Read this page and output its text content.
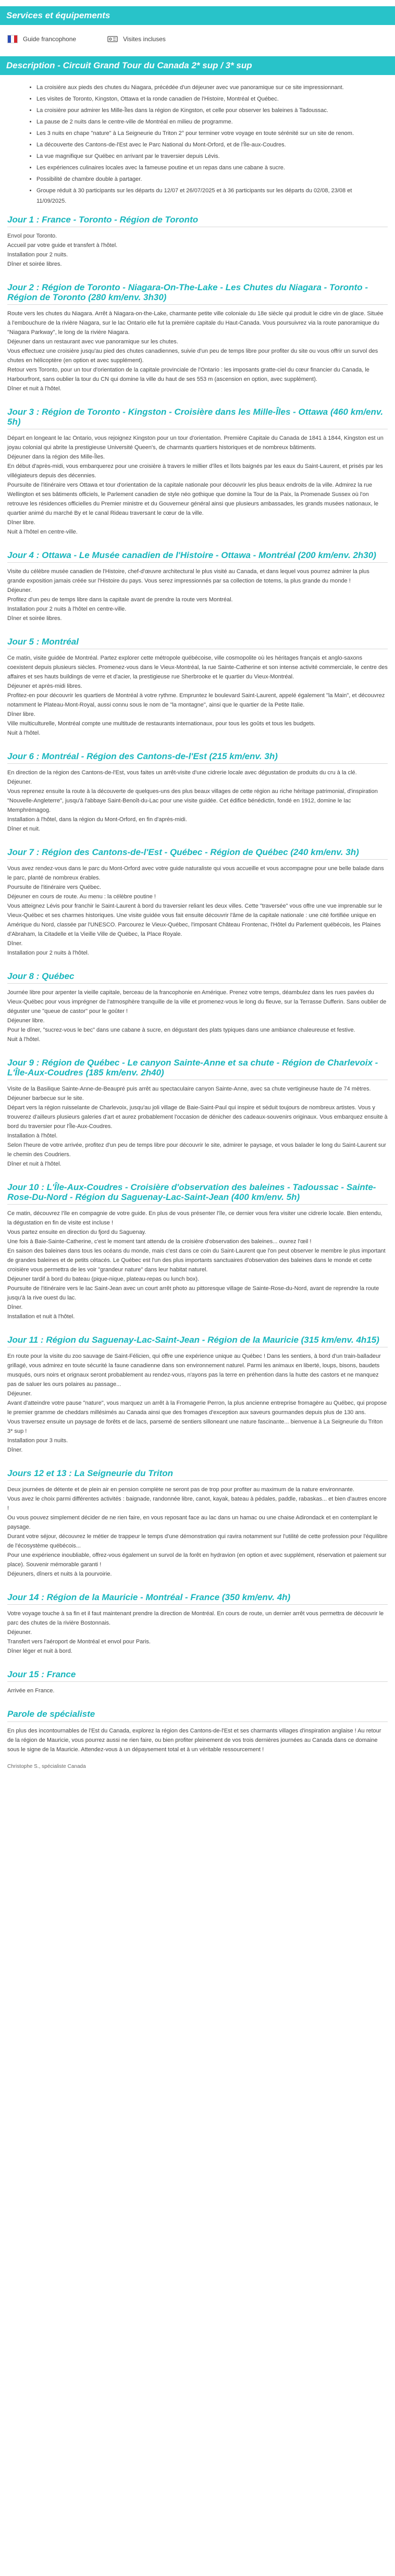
Services et équipements
Guide francophone	Visites incluses
Description - Circuit Grand Tour du Canada 2* sup / 3* sup
• La croisière aux pieds des chutes du Niagara, précédée d'un déjeuner avec vue panoramique sur ce site impressionnant.
• Les visites de Toronto, Kingston, Ottawa et la ronde canadien de l'Histoire, Montréal et Québec.
• La croisière pour admirer les Mille-Îles dans la région de Kingston, et celle pour observer les baleines à Tadoussac.
• La pause de 2 nuits dans le centre-ville de Montréal en milieu de programme.
• Les 3 nuits en chape "nature" à La Seigneurie du Triton 2° pour terminer votre voyage en toute sérénité sur un site de renom.
• La découverte des Cantons-de-l'Est avec le Parc National du Mont-Orford, et de l'Île-aux-Coudres.
• La vue magnifique sur Québec en arrivant par le traversier depuis Lévis.
• Les expériences culinaires locales avec la fameuse poutine et un repas dans une cabane à sucre.
• Possibilité de chambre double à partager.
• Groupe réduit à 30 participants sur les départs du 12/07 et 26/07/2025 et à 36 participants sur les départs du 02/08, 23/08 et 11/09/2025.
Jour 1 : France - Toronto - Région de Toronto

Envol pour Toronto.
Accueil par votre guide et transfert à l'hôtel.
Installation pour 2 nuits.
Dîner et soirée libres.

Jour 2 : Région de Toronto - Niagara-On-The-Lake - Les Chutes du Niagara - Toronto - Région de Toronto (280 km/env. 3h30)

Route vers les chutes du Niagara. Arrêt à Niagara-on-the-Lake, charmante petite ville coloniale du 18e siècle qui produit le cidre vin de glace. Située à l'embouchure de la rivière Niagara, sur le lac Ontario elle fut la première capitale du Haut-Canada. Vous poursuivrez via la route panoramique du "Niagara Parkway", le long de la rivière Niagara.
Déjeuner dans un restaurant avec vue panoramique sur les chutes.
Vous effectuez une croisière jusqu'au pied des chutes canadiennes, suivie d'un peu de temps libre pour profiter du site ou vous offrir un survol des chutes en hélicoptère (en option et avec supplément).
Retour vers Toronto, pour un tour d'orientation de la capitale provinciale de l'Ontario : les imposants gratte-ciel du cœur financier du Canada, le Harbourfront, sans oublier la tour du CN qui domine la ville du haut de ses 553 m (ascension en option, avec supplément).
Dîner et nuit à l'hôtel.

Jour 3 : Région de Toronto - Kingston - Croisière dans les Mille-Îles - Ottawa (460 km/env. 5h)

Départ en longeant le lac Ontario, vous rejoignez Kingston pour un tour d'orientation. Première Capitale du Canada de 1841 à 1844, Kingston est un joyau colonial qui abrite la prestigieuse Université Queen's, de charmants quartiers historiques et de nombreux bâtiments.
Déjeuner dans la région des Mille-Îles.
En début d'après-midi, vous embarquerez pour une croisière à travers le millier d'îles et îlots baignés par les eaux du Saint-Laurent, et prisés par les villégiateurs depuis des décennies.
Poursuite de l'itinéraire vers Ottawa et tour d'orientation de la capitale nationale pour découvrir les plus beaux endroits de la ville. Admirez la rue Wellington et ses bâtiments officiels, le Parlement canadien de style néo gothique que domine la Tour de la Paix, la Promenade Sussex où l'on retrouve les résidences officielles du Premier ministre et du Gouverneur général ainsi que plusieurs ambassades, les grands musées nationaux, le quartier animé du marché By et le canal Rideau traversant le cœur de la ville.
Dîner libre.
Nuit à l'hôtel en centre-ville.

Jour 4 : Ottawa - Le Musée canadien de l'Histoire - Ottawa - Montréal (200 km/env. 2h30)

Visite du célèbre musée canadien de l'Histoire, chef-d'œuvre architectural le plus visité au Canada, et dans lequel vous pourrez admirer la plus grande exposition jamais créée sur l'Histoire du pays. Vous serez impressionnés par sa collection de totems, la plus grande du monde !
Déjeuner.
Profitez d'un peu de temps libre dans la capitale avant de prendre la route vers Montréal.
Installation pour 2 nuits à l'hôtel en centre-ville.
Dîner et soirée libres.

Jour 5 : Montréal

Ce matin, visite guidée de Montréal. Partez explorer cette métropole québécoise, ville cosmopolite où les héritages français et anglo-saxons coexistent depuis plusieurs siècles. Promenez-vous dans le Vieux-Montréal, la rue Sainte-Catherine et son intense activité commerciale, le centre des affaires et ses hauts buildings de verre et d'acier, la prestigieuse rue Sherbrooke et le quartier du Vieux-Montréal.
Déjeuner et après-midi libres.
Profitez-en pour découvrir les quartiers de Montréal à votre rythme. Empruntez le boulevard Saint-Laurent, appelé également "la Main", et découvrez notamment le Plateau-Mont-Royal, aussi connu sous le nom de "la montagne", ainsi que le quartier de la Petite Italie.
Dîner libre.
Ville multiculturelle, Montréal compte une multitude de restaurants internationaux, pour tous les goûts et tous les budgets.
Nuit à l'hôtel.

Jour 6 : Montréal - Région des Cantons-de-l'Est (215 km/env. 3h)

En direction de la région des Cantons-de-l'Est, vous faites un arrêt-visite d'une cidrerie locale avec dégustation de produits du cru à la clé.
Déjeuner.
Vous reprenez ensuite la route à la découverte de quelques-uns des plus beaux villages de cette région au riche héritage patrimonial, d'inspiration "Nouvelle-Angleterre", jusqu'à l'abbaye Saint-Benoît-du-Lac pour une visite guidée. Cet édifice bénédictin, fondé en 1912, domine le lac Memphrémagog.
Installation à l'hôtel, dans la région du Mont-Orford, en fin d'après-midi.
Dîner et nuit.

Jour 7 : Région des Cantons-de-l'Est - Québec - Région de Québec (240 km/env. 3h)

Vous avez rendez-vous dans le parc du Mont-Orford avec votre guide naturaliste qui vous accueille et vous accompagne pour une belle balade dans le parc, planté de nombreux érables.
Poursuite de l'itinéraire vers Québec.
Déjeuner en cours de route. Au menu : la célèbre poutine !
Vous atteignez Lévis pour franchir le Saint-Laurent à bord du traversier reliant les deux villes. Cette "traversée" vous offre une vue imprenable sur le Vieux-Québec et ses charmes historiques. Une visite guidée vous fait ensuite découvrir l'âme de la capitale nationale : une cité fortifiée unique en Amérique du Nord, classée par l'UNESCO. Parcourez le Vieux-Québec, l'imposant Château Frontenac, l'Hôtel du Parlement québécois, les Plaines d'Abraham, la Citadelle et la Vieille Ville de Québec, la Place Royale.
Dîner.
Installation pour 2 nuits à l'hôtel.

Jour 8 : Québec

Journée libre pour arpenter la vieille capitale, berceau de la francophonie en Amérique. Prenez votre temps, déambulez dans les rues pavées du Vieux-Québec pour vous imprégner de l'atmosphère tranquille de la ville et promenez-vous le long du fleuve, sur la Terrasse Dufferin. Sans oublier de déguster une "queue de castor" pour le goûter !
Déjeuner libre.
Pour le dîner, "sucrez-vous le bec" dans une cabane à sucre, en dégustant des plats typiques dans une ambiance chaleureuse et festive.
Nuit à l'hôtel.

Jour 9 : Région de Québec - Le canyon Sainte-Anne et sa chute - Région de Charlevoix - L'Île-Aux-Coudres (185 km/env. 2h40)

Visite de la Basilique Sainte-Anne-de-Beaupré puis arrêt au spectaculaire canyon Sainte-Anne, avec sa chute vertigineuse haute de 74 mètres.
Déjeuner barbecue sur le site.
Départ vers la région ruisselante de Charlevoix, jusqu'au joli village de Baie-Saint-Paul qui inspire et séduit toujours de nombreux artistes. Vous y trouverez d'ailleurs plusieurs galeries d'art et aurez probablement l'occasion de dénicher des cadeaux-souvenirs originaux. Vous embarquez ensuite à bord du traversier pour l'Île-Aux-Coudres.
Installation à l'hôtel.
Selon l'heure de votre arrivée, profitez d'un peu de temps libre pour découvrir le site, admirer le paysage, et vous balader le long du Saint-Laurent sur le chemin des Coudriers.
Dîner et nuit à l'hôtel.

Jour 10 : L'Île-Aux-Coudres - Croisière d'observation des baleines - Tadoussac - Sainte-Rose-Du-Nord - Région du Saguenay-Lac-Saint-Jean (400 km/env. 5h)

Ce matin, découvrez l'île en compagnie de votre guide. En plus de vous présenter l'île, ce dernier vous fera visiter une cidrerie locale. Bien entendu, la dégustation en fin de visite est incluse !
Vous partez ensuite en direction du fjord du Saguenay.
Une fois à Baie-Sainte-Catherine, c'est le moment tant attendu de la croisière d'observation des baleines... ouvrez l'œil !
En saison des baleines dans tous les océans du monde, mais c'est dans ce coin du Saint-Laurent que l'on peut observer le membre le plus important de grandes baleines et de petits cétacés. Le Québec est l'un des plus importants sanctuaires d'observation des baleines dans le monde et cette croisière vous permettra de les voir "grandeur nature" dans leur habitat naturel.
Déjeuner tardif à bord du bateau (pique-nique, plateau-repas ou lunch box).
Poursuite de l'itinéraire vers le lac Saint-Jean avec un court arrêt photo au pittoresque village de Sainte-Rose-du-Nord, avant de reprendre la route jusqu'à la rive ouest du lac.
Dîner.
Installation et nuit à l'hôtel.

Jour 11 : Région du Saguenay-Lac-Saint-Jean - Région de la Mauricie (315 km/env. 4h15)

En route pour la visite du zoo sauvage de Saint-Félicien, qui offre une expérience unique au Québec ! Dans les sentiers, à bord d'un train-balladeur grillagé, vous admirez en toute sécurité la faune canadienne dans son environnement naturel. Parmi les animaux en liberté, loups, bisons, baudets musqués, ours noirs et orignaux seront probablement au rendez-vous, n'ayons pas la terre en préhention dans la hutte des castors et ne manquez pas de saluer les ours polaires au passage...
Déjeuner.
Avant d'atteindre votre pause "nature", vous marquez un arrêt à la Fromagerie Perron, la plus ancienne entreprise fromagère au Québec, qui propose le premier gramme de cheddars millésimés au Canada ainsi que des fromages d'exception aux saveurs gourmandes depuis plus de 130 ans.
Vous traversez ensuite un paysage de forêts et de lacs, parsemé de sentiers silloneant une nature fascinante... bienvenue à La Seigneurie du Triton 3* sup !
Installation pour 3 nuits.
Dîner.

Jours 12 et 13 : La Seigneurie du Triton

Deux journées de détente et de plein air en pension complète ne seront pas de trop pour profiter au maximum de la nature environnante.
Vous avez le choix parmi différentes activités : baignade, randonnée libre, canot, kayak, bateau à pédales, paddle, rabaskas... et bien d'autres encore !
Ou vous pouvez simplement décider de ne rien faire, en vous reposant face au lac dans un hamac ou une chaise Adirondack et en contemplant le paysage.
Durant votre séjour, découvrez le métier de trappeur le temps d'une démonstration qui ravira notamment sur l'utilité de cette profession pour l'équilibre de l'écosystème québécois...
Pour une expérience inoubliable, offrez-vous également un survol de la forêt en hydravion (en option et avec supplément, réservation et paiement sur place). Souvenir mémorable garanti !
Déjeuners, dîners et nuits à la pourvoirie.

Jour 14 : Région de la Mauricie - Montréal - France (350 km/env. 4h)

Votre voyage touche à sa fin et il faut maintenant prendre la direction de Montréal. En cours de route, un dernier arrêt vous permettra de découvrir le parc des chutes de la rivière Bostonnais.
Déjeuner.
Transfert vers l'aéroport de Montréal et envol pour Paris.
Dîner léger et nuit à bord.

Jour 15 : France

Arrivée en France.

Parole de spécialiste

En plus des incontournables de l'Est du Canada, explorez la région des Cantons-de-l'Est et ses charmants villages d'inspiration anglaise ! Au retour de la région de Mauricie, vous pourrez aussi ne rien faire, ou bien profiter pleinement de vos trois dernières journées au Canada dans ce domaine sous le signe de la Mauricie. Attendez-vous à un dépaysement total et à un véritable ressourcement !

Christophe S., spécialiste Canada
